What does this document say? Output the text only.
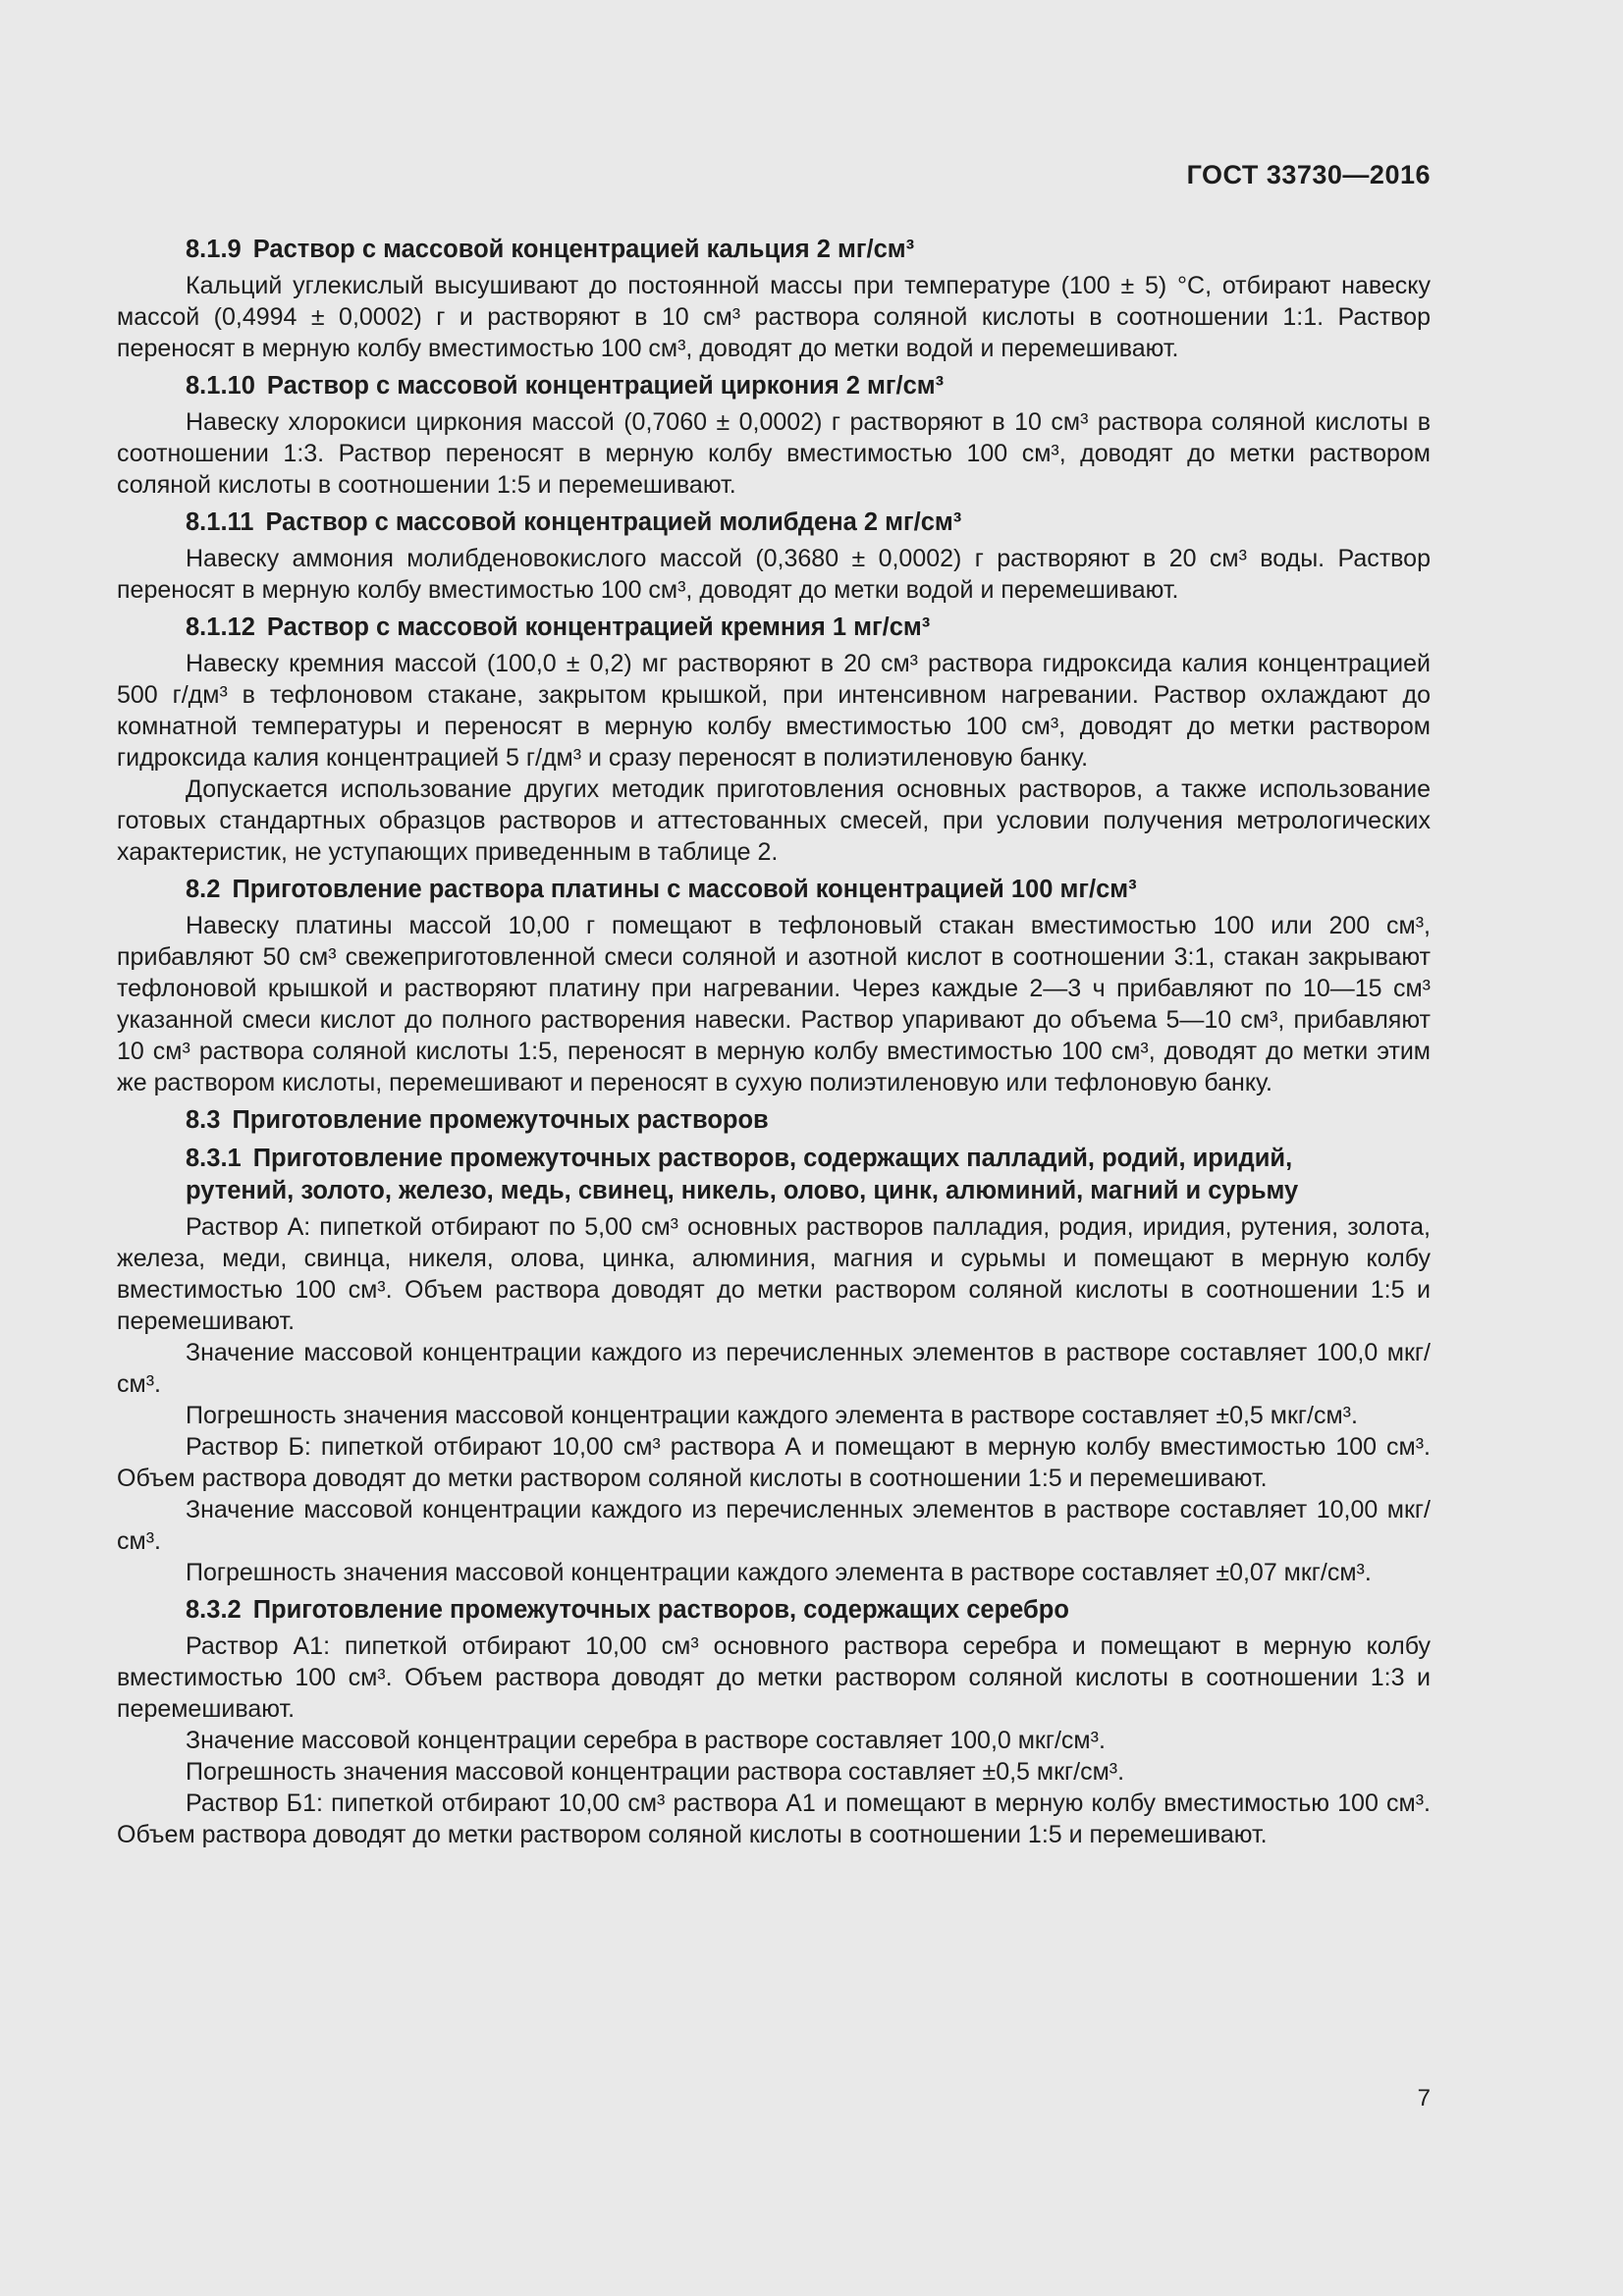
ГОСТ 33730—2016
8.1.9 Раствор с массовой концентрацией кальция 2 мг/см³

Кальций углекислый высушивают до постоянной массы при температуре (100 ± 5) °С, отбирают навеску массой (0,4994 ± 0,0002) г и растворяют в 10 см³ раствора соляной кислоты в соотношении 1:1. Раствор переносят в мерную колбу вместимостью 100 см³, доводят до метки водой и перемешивают.

8.1.10 Раствор с массовой концентрацией циркония 2 мг/см³

Навеску хлорокиси циркония массой (0,7060 ± 0,0002) г растворяют в 10 см³ раствора соляной кислоты в соотношении 1:3. Раствор переносят в мерную колбу вместимостью 100 см³, доводят до метки раствором соляной кислоты в соотношении 1:5 и перемешивают.

8.1.11 Раствор с массовой концентрацией молибдена 2 мг/см³

Навеску аммония молибденовокислого массой (0,3680 ± 0,0002) г растворяют в 20 см³ воды. Раствор переносят в мерную колбу вместимостью 100 см³, доводят до метки водой и перемешивают.

8.1.12 Раствор с массовой концентрацией кремния 1 мг/см³

Навеску кремния массой (100,0 ± 0,2) мг растворяют в 20 см³ раствора гидроксида калия концентрацией 500 г/дм³ в тефлоновом стакане, закрытом крышкой, при интенсивном нагревании. Раствор охлаждают до комнатной температуры и переносят в мерную колбу вместимостью 100 см³, доводят до метки раствором гидроксида калия концентрацией 5 г/дм³ и сразу переносят в полиэтиленовую банку.

Допускается использование других методик приготовления основных растворов, а также использование готовых стандартных образцов растворов и аттестованных смесей, при условии получения метрологических характеристик, не уступающих приведенным в таблице 2.

8.2 Приготовление раствора платины с массовой концентрацией 100 мг/см³

Навеску платины массой 10,00 г помещают в тефлоновый стакан вместимостью 100 или 200 см³, прибавляют 50 см³ свежеприготовленной смеси соляной и азотной кислот в соотношении 3:1, стакан закрывают тефлоновой крышкой и растворяют платину при нагревании. Через каждые 2—3 ч прибавляют по 10—15 см³ указанной смеси кислот до полного растворения навески. Раствор упаривают до объема 5—10 см³, прибавляют 10 см³ раствора соляной кислоты 1:5, переносят в мерную колбу вместимостью 100 см³, доводят до метки этим же раствором кислоты, перемешивают и переносят в сухую полиэтиленовую или тефлоновую банку.

8.3 Приготовление промежуточных растворов
8.3.1 Приготовление промежуточных растворов, содержащих палладий, родий, иридий,
рутений, золото, железо, медь, свинец, никель, олово, цинк, алюминий, магний и сурьму

Раствор А: пипеткой отбирают по 5,00 см³ основных растворов палладия, родия, иридия, рутения, золота, железа, меди, свинца, никеля, олова, цинка, алюминия, магния и сурьмы и помещают в мерную колбу вместимостью 100 см³. Объем раствора доводят до метки раствором соляной кислоты в соотношении 1:5 и перемешивают.

Значение массовой концентрации каждого из перечисленных элементов в растворе составляет 100,0 мкг/см³.

Погрешность значения массовой концентрации каждого элемента в растворе составляет ±0,5 мкг/см³.

Раствор Б: пипеткой отбирают 10,00 см³ раствора А и помещают в мерную колбу вместимостью 100 см³. Объем раствора доводят до метки раствором соляной кислоты в соотношении 1:5 и перемешивают.

Значение массовой концентрации каждого из перечисленных элементов в растворе составляет 10,00 мкг/см³.

Погрешность значения массовой концентрации каждого элемента в растворе составляет ±0,07 мкг/см³.

8.3.2 Приготовление промежуточных растворов, содержащих серебро

Раствор А1: пипеткой отбирают 10,00 см³ основного раствора серебра и помещают в мерную колбу вместимостью 100 см³. Объем раствора доводят до метки раствором соляной кислоты в соотношении 1:3 и перемешивают.

Значение массовой концентрации серебра в растворе составляет 100,0 мкг/см³.

Погрешность значения массовой концентрации раствора составляет ±0,5 мкг/см³.

Раствор Б1: пипеткой отбирают 10,00 см³ раствора А1 и помещают в мерную колбу вместимостью 100 см³. Объем раствора доводят до метки раствором соляной кислоты в соотношении 1:5 и перемешивают.

7
